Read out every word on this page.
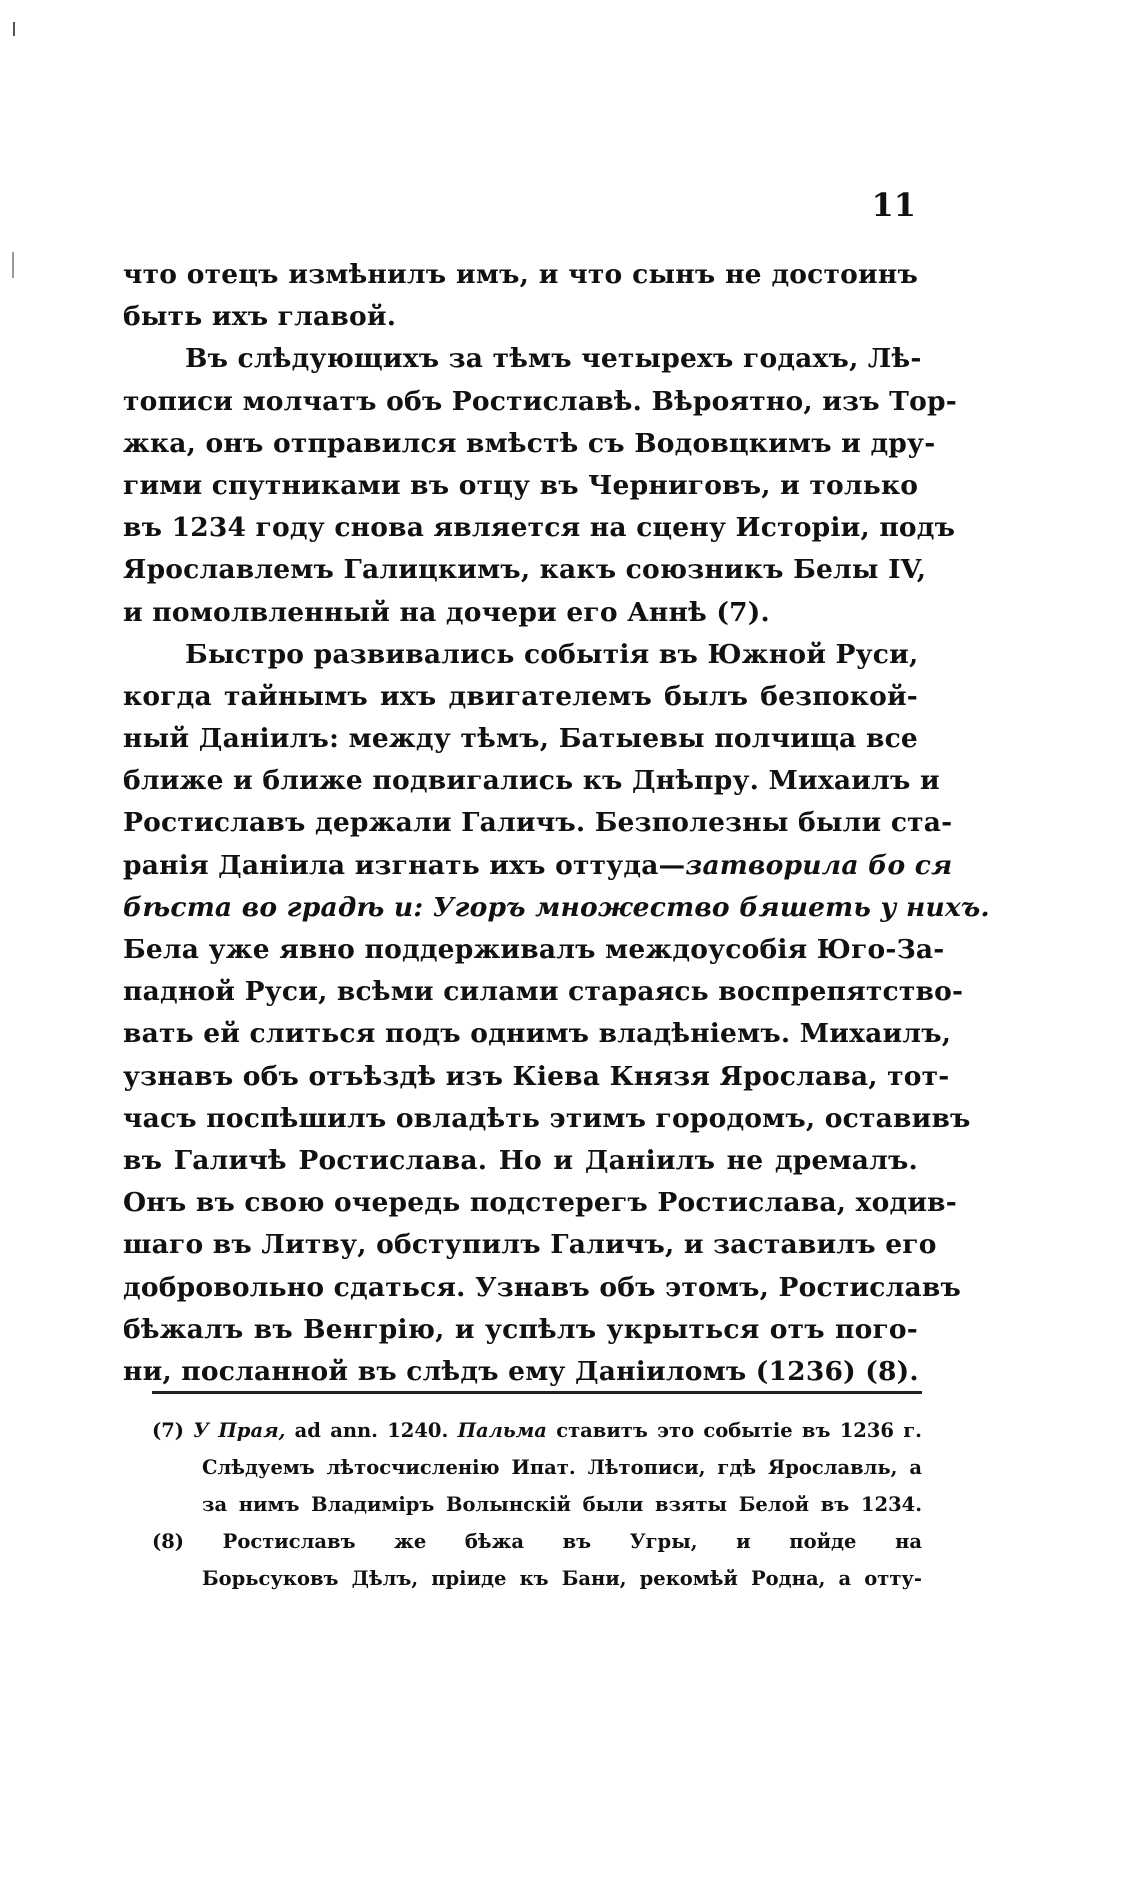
11
что отецъ измѣнилъ имъ, и что сынъ не достоинъ
быть ихъ главой.
Въ слѣдующихъ за тѣмъ четырехъ годахъ, Лѣ-
тописи молчатъ объ Ростиславѣ. Вѣроятно, изъ Тор-
жка, онъ отправился вмѣстѣ съ Водовцкимъ и дру-
гими спутниками въ отцу въ Черниговъ, и только
въ 1234 году снова является на сцену Исторіи, подъ
Ярославлемъ Галицкимъ, какъ союзникъ Белы IV,
и помолвленный на дочери его Аннѣ (7).
Быстро развивались событія въ Южной Руси,
когда тайнымъ ихъ двигателемъ былъ безпокой-
ный Даніилъ: между тѣмъ, Батыевы полчища все
ближе и ближе подвигались къ Днѣпру. Михаилъ и
Ростиславъ держали Галичъ. Безполезны были ста-
ранія Даніила изгнать ихъ оттуда—затворила бо ся
бѣста во градѣ и: Угоръ множество бяшеть у нихъ.
Бела уже явно поддерживалъ междоусобія Юго-За-
падной Руси, всѣми силами стараясь воспрепятство-
вать ей слиться подъ однимъ владѣніемъ. Михаилъ,
узнавъ объ отъѣздѣ изъ Кіева Князя Ярослава, тот-
часъ поспѣшилъ овладѣть этимъ городомъ, оставивъ
въ Галичѣ Ростислава. Но и Даніилъ не дремалъ.
Онъ въ свою очередь подстерегъ Ростислава, ходив-
шаго въ Литву, обступилъ Галичъ, и заставилъ его
добровольно сдаться. Узнавъ объ этомъ, Ростиславъ
бѣжалъ въ Венгрію, и успѣлъ укрыться отъ пого-
ни, посланной въ слѣдъ ему Даніиломъ (1236) (8).
(7) У Прая, ad ann. 1240. Пальма ставитъ это событіе въ 1236 г.
Слѣдуемъ лѣтосчисленію Ипат. Лѣтописи, гдѣ Ярославль, а
за нимъ Владиміръ Волынскій были взяты Белой въ 1234.
(8) Ростиславъ же бѣжа въ Угры, и пойде на
Борьсуковъ Дѣлъ, пріиде къ Бани, рекомѣй Родна, а отту-
